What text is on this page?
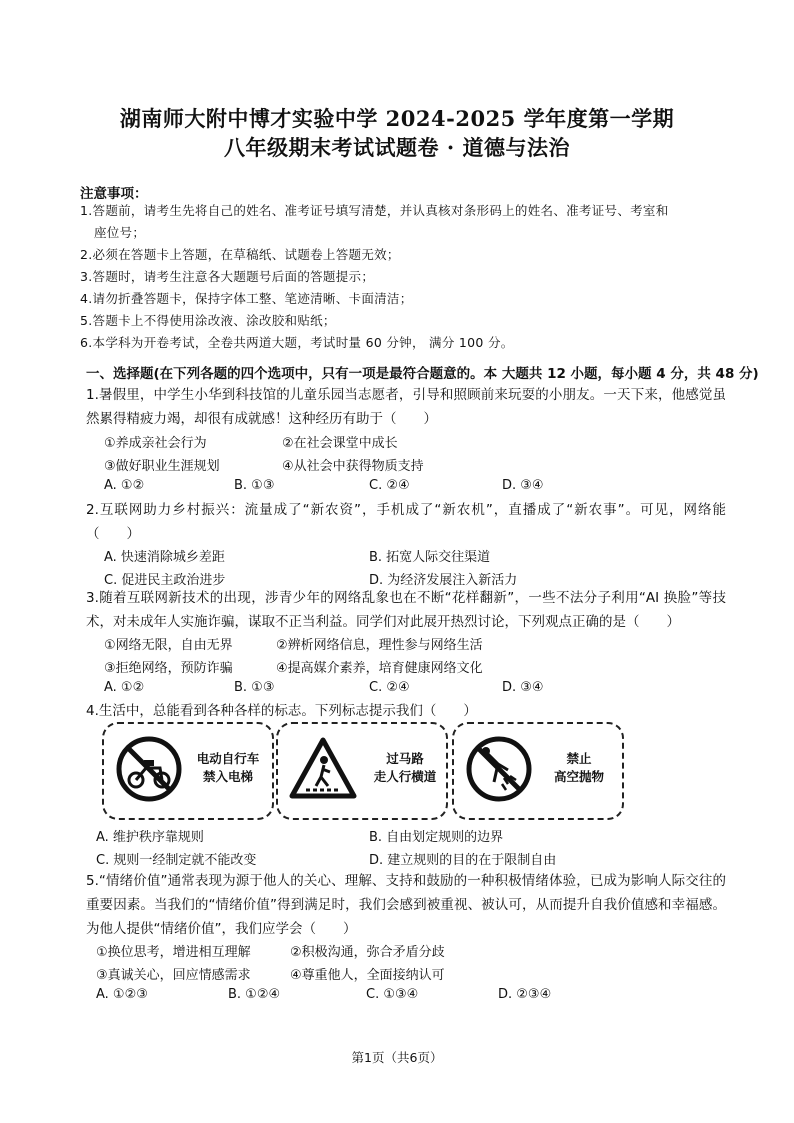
湖南师大附中博才实验中学 2024-2025 学年度第一学期
八年级期末考试试题卷 · 道德与法治
注意事项：
1.答题前，请考生先将自己的姓名、准考证号填写清楚，并认真核对条形码上的姓名、准考证号、考室和
座位号；
2.必须在答题卡上答题，在草稿纸、试题卷上答题无效；
3.答题时，请考生注意各大题题号后面的答题提示；
4.请勿折叠答题卡，保持字体工整、笔迹清晰、卡面清洁；
5.答题卡上不得使用涂改液、涂改胶和贴纸；
6.本学科为开卷考试，全卷共两道大题，考试时量 60 分钟， 满分 100 分。
一、选择题(在下列各题的四个选项中，只有一项是最符合题意的。本 大题共 12 小题，每小题 4 分，共 48 分)
1.暑假里，中学生小华到科技馆的儿童乐园当志愿者，引导和照顾前来玩耍的小朋友。一天下来，他感觉虽然累得精疲力竭，却很有成就感！这种经历有助于（　　）
①养成亲社会行为	②在社会课堂中成长
③做好职业生涯规划	④从社会中获得物质支持
A. ①②	B. ①③	C. ②④	D. ③④
2.互联网助力乡村振兴：流量成了“新农资”，手机成了“新农机”，直播成了“新农事”。可见，网络能（　　）
A. 快速消除城乡差距	B. 拓宽人际交往渠道
C. 促进民主政治进步	D. 为经济发展注入新活力
3.随着互联网新技术的出现，涉青少年的网络乱象也在不断“花样翻新”，一些不法分子利用“AI 换脸”等技术，对未成年人实施诈骗，谋取不正当利益。同学们对此展开热烈讨论，下列观点正确的是（　　）
①网络无限，自由无界	②辨析网络信息，理性参与网络生活
③拒绝网络，预防诈骗	④提高媒介素养，培育健康网络文化
A. ①②	B. ①③	C. ②④	D. ③④
4.生活中，总能看到各种各样的标志。下列标志提示我们（　　）
电动自行车
禁入电梯
过马路
走人行横道
禁止
高空抛物
A. 维护秩序靠规则	B. 自由划定规则的边界
C. 规则一经制定就不能改变	D. 建立规则的目的在于限制自由
5.“情绪价值”通常表现为源于他人的关心、理解、支持和鼓励的一种积极情绪体验，已成为影响人际交往的重要因素。当我们的“情绪价值”得到满足时，我们会感到被重视、被认可，从而提升自我价值感和幸福感。为他人提供“情绪价值”，我们应学会（　　）
①换位思考，增进相互理解	②积极沟通，弥合矛盾分歧
③真诚关心，回应情感需求	④尊重他人，全面接纳认可
A. ①②③	B. ①②④	C. ①③④	D. ②③④
第1页（共6页）
